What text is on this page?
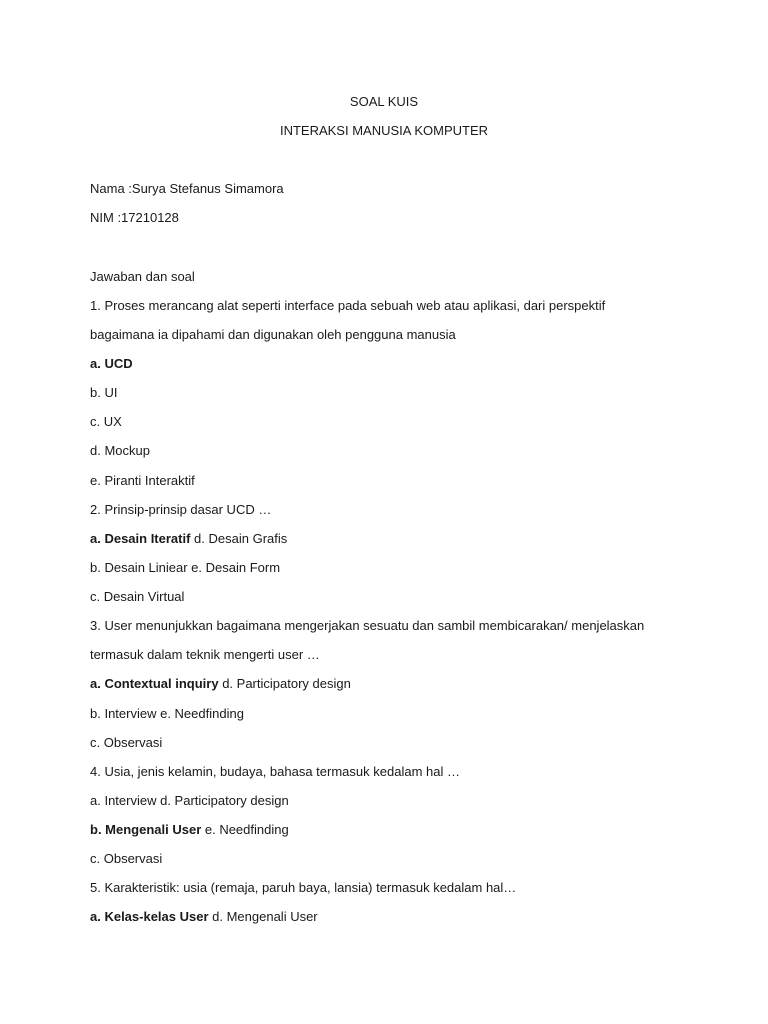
SOAL KUIS
INTERAKSI MANUSIA KOMPUTER
Nama :Surya Stefanus Simamora
NIM :17210128
Jawaban dan soal
1. Proses merancang alat seperti interface pada sebuah web atau aplikasi, dari perspektif
bagaimana ia dipahami dan digunakan oleh pengguna manusia
a. UCD
b. UI
c. UX
d. Mockup
e. Piranti Interaktif
2. Prinsip-prinsip dasar UCD …
a. Desain Iteratif d. Desain Grafis
b. Desain Liniear e. Desain Form
c. Desain Virtual
3. User menunjukkan bagaimana mengerjakan sesuatu dan sambil membicarakan/ menjelaskan
termasuk dalam teknik mengerti user …
a. Contextual inquiry d. Participatory design
b. Interview e. Needfinding
c. Observasi
4. Usia, jenis kelamin, budaya, bahasa termasuk kedalam hal …
a. Interview d. Participatory design
b. Mengenali User e. Needfinding
c. Observasi
5. Karakteristik: usia (remaja, paruh baya, lansia) termasuk kedalam hal…
a. Kelas-kelas User d. Mengenali User
